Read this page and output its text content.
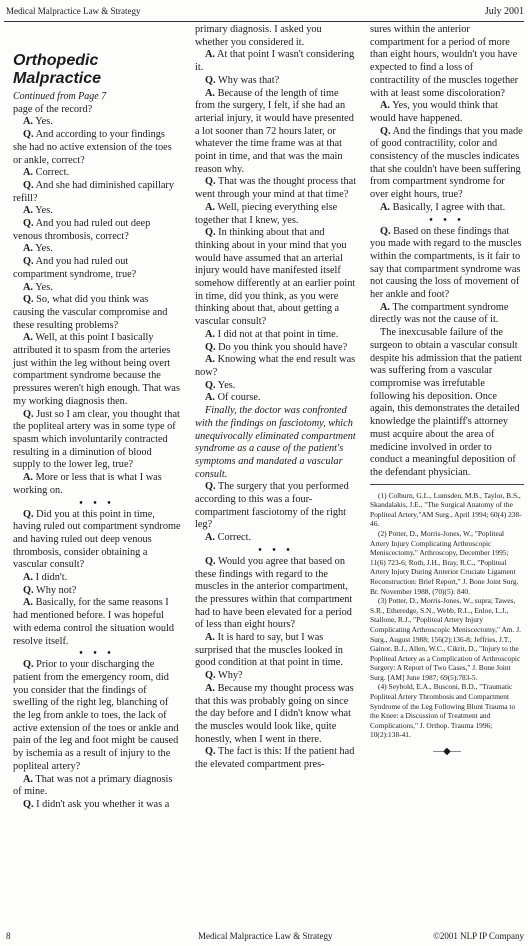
Medical Malpractice Law & Strategy	July 2001
Orthopedic Malpractice
Continued from Page 7

page of the record?

A. Yes.

Q. And according to your findings she had no active extension of the toes or ankle, correct?

A. Correct.

Q. And she had diminished capillary refill?

A. Yes.

Q. And you had ruled out deep venous thrombosis, correct?

A. Yes.

Q. And you had ruled out compartment syndrome, true?

A. Yes.

Q. So, what did you think was causing the vascular compromise and these resulting problems?

A. Well, at this point I basically attributed it to spasm from the arteries just within the leg without being overt compartment syndrome because the pressures weren't high enough. That was my working diagnosis then.

Q. Just so I am clear, you thought that the popliteal artery was in some type of spasm which involuntarily contracted resulting in a diminution of blood supply to the lower leg, true?

A. More or less that is what I was working on.

• • •

Q. Did you at this point in time, having ruled out compartment syndrome and having ruled out deep venous thrombosis, consider obtaining a vascular consult?

A. I didn't.

Q. Why not?

A. Basically, for the same reasons I had mentioned before. I was hopeful with edema control the situation would resolve itself.

• • •

Q. Prior to your discharging the patient from the emergency room, did you consider that the findings of swelling of the right leg, blanching of the leg from ankle to toes, the lack of active extension of the toes or ankle and pain of the leg and foot might be caused by ischemia as a result of injury to the popliteal artery?

A. That was not a primary diagnosis of mine.

Q. I didn't ask you whether it was a

primary diagnosis. I asked you whether you considered it.

A. At that point I wasn't considering it.

Q. Why was that?

A. Because of the length of time from the surgery, I felt, if she had an arterial injury, it would have presented a lot sooner than 72 hours later, or whatever the time frame was at that point in time, and that was the main reason why.

Q. That was the thought process that went through your mind at that time?

A. Well, piecing everything else together that I knew, yes.

Q. In thinking about that and thinking about in your mind that you would have assumed that an arterial injury would have manifested itself somehow differently at an earlier point in time, did you think, as you were thinking about that, about getting a vascular consult?

A. I did not at that point in time.

Q. Do you think you should have?

A. Knowing what the end result was now?

Q. Yes.

A. Of course.

Finally, the doctor was confronted with the findings on fasciotomy, which unequivocally eliminated compartment syndrome as a cause of the patient's symptoms and mandated a vascular consult.

Q. The surgery that you performed according to this was a four-compartment fasciotomy of the right leg?

A. Correct.

• • •

Q. Would you agree that based on these findings with regard to the muscles in the anterior compartment, the pressures within that compartment had to have been elevated for a period of less than eight hours?

A. It is hard to say, but I was surprised that the muscles looked in good condition at that point in time.

Q. Why?

A. Because my thought process was that this was probably going on since the day before and I didn't know what the muscles would look like, quite honestly, when I went in there.

Q. The fact is this: If the patient had the elevated compartment pres-

sures within the anterior compartment for a period of more than eight hours, wouldn't you have expected to find a loss of contractility of the muscles together with at least some discoloration?

A. Yes, you would think that would have happened.

Q. And the findings that you made of good contractility, color and consistency of the muscles indicates that she couldn't have been suffering from compartment syndrome for over eight hours, true?

A. Basically, I agree with that.

• • •

Q. Based on these findings that you made with regard to the muscles within the compartments, is it fair to say that compartment syndrome was not causing the loss of movement of her ankle and foot?

A. The compartment syndrome directly was not the cause of it.

The inexcusable failure of the surgeon to obtain a vascular consult despite his admission that the patient was suffering from a vascular compromise was irrefutable following his deposition. Once again, this demonstrates the detailed knowledge the plaintiff's attorney must acquire about the area of medicine involved in order to conduct a meaningful deposition of the defendant physician.

(1) Colburn, G.L., Lumsden, M.B., Taylor, B.S., Skandalakis, J.E., "The Surgical Anatomy of the Popliteal Artery,"AM Surg., April 1994; 60(4) 238-46.

(2) Potter, D., Morris-Jones, W., "Popliteal Artery Injury Complicating Arthroscopic Meniscectomy," Arthroscopy, December 1995; 11(6) 723-6; Roth, J.H., Bray, R.C., "Popliteal Artery Injury During Anterior Cruciate Ligament Reconstruction: Brief Report," J. Bone Joint Surg. Br. November 1988, (70)(5): 840.

(3) Potter, D., Morris-Jones, W., supra; Tawes, S.R., Etheredge, S.N., Webb, R.L., Enloe, L.J., Stallone, R.J., "Popliteal Artery Injury Complicating Arthroscopic Meniscectomy," Am. J. Surg., August 1988; 156(2):136-8; Jeffries, J.T., Gainor, B.J., Allen, W.C., Cikrit, D., "Injury to the Popliteal Artery as a Complication of Arthroscopic Surgery: A Report of Two Cases," J. Bone Joint Surg. [AM] June 1987; 69(5):783-5.

(4) Seybold, E.A., Busconi, B.D., "Traumatic Popliteal Artery Thrombosis and Compartment Syndrome of the Leg Following Blunt Trauma to the Knee: a Discussion of Treatment and Complications," J. Orthop. Trauma 1996; 10(2):138-41.

—◆—
8	Medical Malpractice Law & Strategy	©2001 NLP IP Company
